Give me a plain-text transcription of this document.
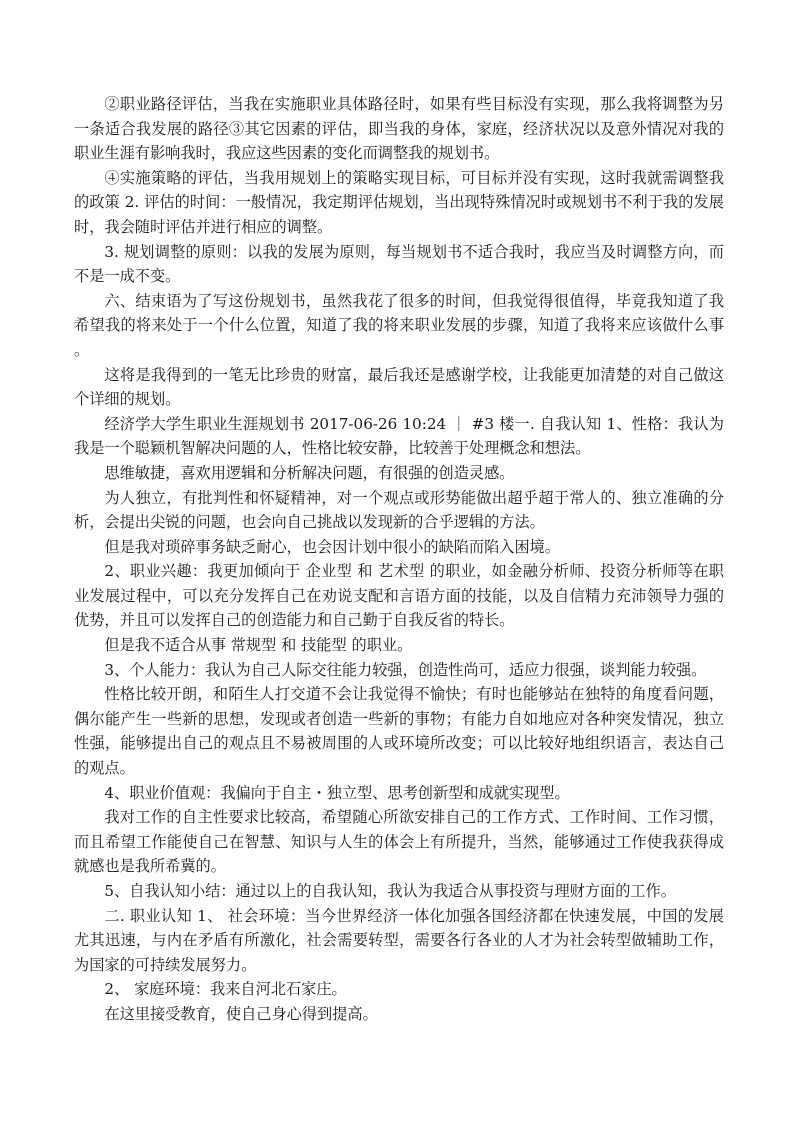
②职业路径评估，当我在实施职业具体路径时，如果有些目标没有实现，那么我将调整为另一条适合我发展的路径③其它因素的评估，即当我的身体，家庭，经济状况以及意外情况对我的职业生涯有影响我时，我应这些因素的变化而调整我的规划书。

④实施策略的评估，当我用规划上的策略实现目标，可目标并没有实现，这时我就需调整我的政策 2. 评估的时间：一般情况，我定期评估规划，当出现特殊情况时或规划书不利于我的发展时，我会随时评估并进行相应的调整。

3. 规划调整的原则：以我的发展为原则，每当规划书不适合我时，我应当及时调整方向，而不是一成不变。

六、结束语为了写这份规划书，虽然我花了很多的时间，但我觉得很值得，毕竟我知道了我希望我的将来处于一个什么位置，知道了我的将来职业发展的步骤，知道了我将来应该做什么事。

这将是我得到的一笔无比珍贵的财富，最后我还是感谢学校，让我能更加清楚的对自己做这个详细的规划。

经济学大学生职业生涯规划书 2017-06-26 10:24 ｜ #3 楼一. 自我认知 1、性格：我认为我是一个聪颖机智解决问题的人，性格比较安静，比较善于处理概念和想法。

思维敏捷，喜欢用逻辑和分析解决问题，有很强的创造灵感。

为人独立，有批判性和怀疑精神，对一个观点或形势能做出超乎超于常人的、独立准确的分析，会提出尖锐的问题，也会向自己挑战以发现新的合乎逻辑的方法。

但是我对琐碎事务缺乏耐心，也会因计划中很小的缺陷而陷入困境。

2、职业兴趣：我更加倾向于 企业型 和 艺术型 的职业，如金融分析师、投资分析师等在职业发展过程中，可以充分发挥自己在劝说支配和言语方面的技能，以及自信精力充沛领导力强的优势，并且可以发挥自己的创造能力和自己勤于自我反省的特长。

但是我不适合从事 常规型 和 技能型 的职业。

3、个人能力：我认为自己人际交往能力较强，创造性尚可，适应力很强，谈判能力较强。

性格比较开朗，和陌生人打交道不会让我觉得不愉快；有时也能够站在独特的角度看问题，偶尔能产生一些新的思想，发现或者创造一些新的事物；有能力自如地应对各种突发情况，独立性强，能够提出自己的观点且不易被周围的人或环境所改变；可以比较好地组织语言，表达自己的观点。

4、职业价值观：我偏向于自主・独立型、思考创新型和成就实现型。

我对工作的自主性要求比较高，希望随心所欲安排自己的工作方式、工作时间、工作习惯，而且希望工作能使自己在智慧、知识与人生的体会上有所提升，当然，能够通过工作使我获得成就感也是我所希冀的。

5、自我认知小结：通过以上的自我认知，我认为我适合从事投资与理财方面的工作。

二. 职业认知 1、 社会环境：当今世界经济一体化加强各国经济都在快速发展，中国的发展尤其迅速，与内在矛盾有所激化，社会需要转型，需要各行各业的人才为社会转型做辅助工作，为国家的可持续发展努力。

2、 家庭环境：我来自河北石家庄。

在这里接受教育，使自己身心得到提高。
